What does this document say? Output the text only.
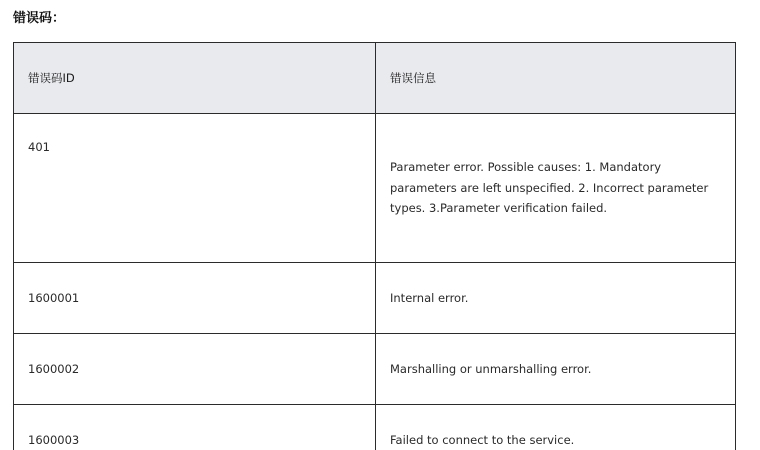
错误码：
错误码ID	错误信息
401	Parameter error. Possible causes: 1. Mandatory parameters are left unspecified. 2. Incorrect parameter types. 3.Parameter verification failed.
1600001	Internal error.
1600002	Marshalling or unmarshalling error.
1600003	Failed to connect to the service.
